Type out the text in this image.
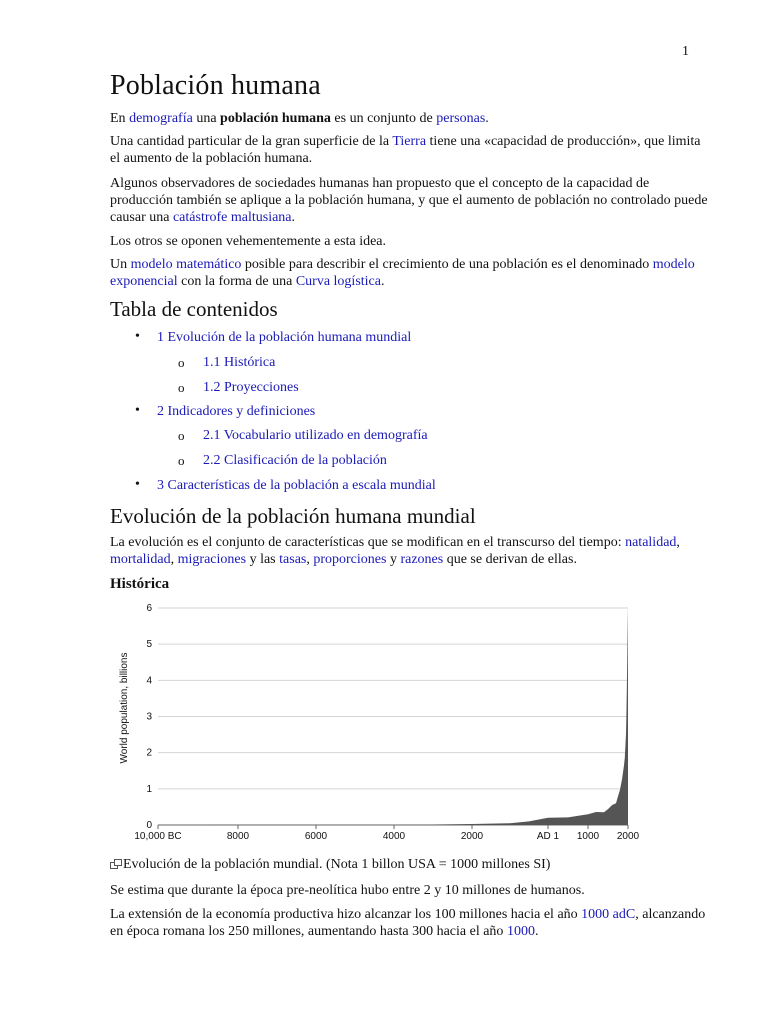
1
Población humana

En demografía una población humana es un conjunto de personas.

Una cantidad particular de la gran superficie de la Tierra tiene una «capacidad de producción», que limita el aumento de la población humana.

Algunos observadores de sociedades humanas han propuesto que el concepto de la capacidad de producción también se aplique a la población humana, y que el aumento de población no controlado puede causar una catástrofe maltusiana.

Los otros se oponen vehementemente a esta idea.

Un modelo matemático posible para describir el crecimiento de una población es el denominado modelo exponencial con la forma de una Curva logística.

Tabla de contenidos
• 1 Evolución de la población humana mundial
o 1.1 Histórica
o 1.2 Proyecciones
• 2 Indicadores y definiciones
o 2.1 Vocabulario utilizado en demografía
o 2.2 Clasificación de la población
• 3 Características de la población a escala mundial
Evolución de la población humana mundial

La evolución es el conjunto de características que se modifican en el transcurso del tiempo: natalidad, mortalidad, migraciones y las tasas, proporciones y razones que se derivan de ellas.

Histórica
World population, billions
0
1
2
3
4
5
6
10,000 BC	8000	6000	4000	2000	AD 1 1000 2000
Evolución de la población mundial. (Nota 1 billon USA = 1000 millones SI)

Se estima que durante la época pre-neolítica hubo entre 2 y 10 millones de humanos.

La extensión de la economía productiva hizo alcanzar los 100 millones hacia el año 1000 adC, alcanzando en época romana los 250 millones, aumentando hasta 300 hacia el año 1000.
